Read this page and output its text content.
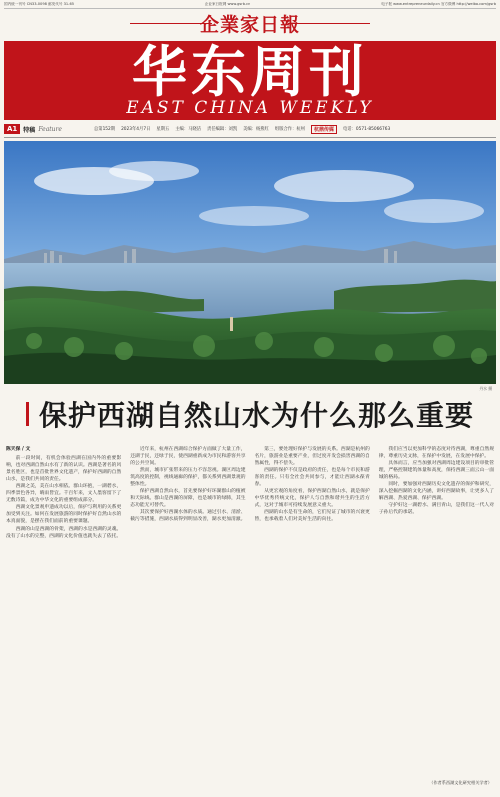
国内统一刊号 CN33-0098 邮发代号 31-65	企业家日报网 www.gsrb.cn	电子报 www.entrepreneurdaily.cn 官方微博 http://weibo.com/gsrb
企業家日報
华东周刊
EAST CHINA WEEKLY
A1	特稿 Feature	总第152期 2023年4月7日 星期五 主编：马晓洁 责任编辑：刘凯 美编：杨燕红 组版合作：杭州	杭鼎传媒	电话：0571-85066763
丹水 摄
保护西湖自然山水为什么那么重要

陈天保 / 文

前一段时间，有机会体验西湖在国内外的重要影响，也对西湖自然山水有了新的认识。西湖是著名的风景名胜区，也是首批世界文化遗产，保护好西湖的自然山水，是我们共同的责任。

西湖之美，美在山水相依。群山环抱，一湖碧水，四季景色各异，晴雨皆宜。千百年来，文人墨客留下了无数诗篇，成为中华文化的重要组成部分。

西湖文化景观申遗成功以后，保护与利用的关系更加受到关注。如何在发展旅游的同时保护好自然山水的本真面貌，是摆在我们面前的重要课题。

西湖的山是西湖的骨架，西湖的水是西湖的灵魂。没有了山水的完整，西湖的文化价值也就失去了依托。

近年来，杭州在西湖综合保护方面做了大量工作，还湖于民，还绿于民，使西湖重新成为市民和游客共享的公共空间。

然而，城市扩张带来的压力不容忽视。湖区周边建筑高度的控制，视线通廊的保护，都关系到西湖景观的整体性。

保护西湖自然山水，首先要保护好环湖群山的植被和天际线。群山是西湖的屏障，也是城市的绿肺，其生态功能无可替代。

其次要保护好西湖水体的水质。通过引水、清淤、截污等措施，西湖水质得到明显改善，湖水更加清澈。

第三，要处理好保护与发展的关系。西湖是杭州的名片，旅游业是重要产业，但过度开发会损害西湖的自然属性，得不偿失。

西湖的保护不仅是政府的责任，也是每个市民和游客的责任。只有全社会共同参与，才能让西湖永葆青春。

从更宏观的角度看，保护西湖自然山水，就是保护中华优秀传统文化，保护人与自然和谐共生的生活方式，这对于城市可持续发展意义重大。

西湖的山水是有生命的，它们见证了城市的兴衰更替，也承载着人们对美好生活的向往。

我们应当以更加科学的态度对待西湖，尊重自然规律，尊重历史文脉，在保护中发展，在发展中保护。

具体而言，应当加强对西湖周边建设项目的审批管理，严格控制建筑体量和高度，保持西湖三面云山一面城的格局。

同时，要加强对西湖历史文化遗存的保护和研究，深入挖掘西湖的文化内涵，讲好西湖故事，让更多人了解西湖、热爱西湖、保护西湖。

守护好这一湖碧水、满目青山，是我们这一代人对子孙后代的承诺。

（作者系西湖文化研究相关学者）
